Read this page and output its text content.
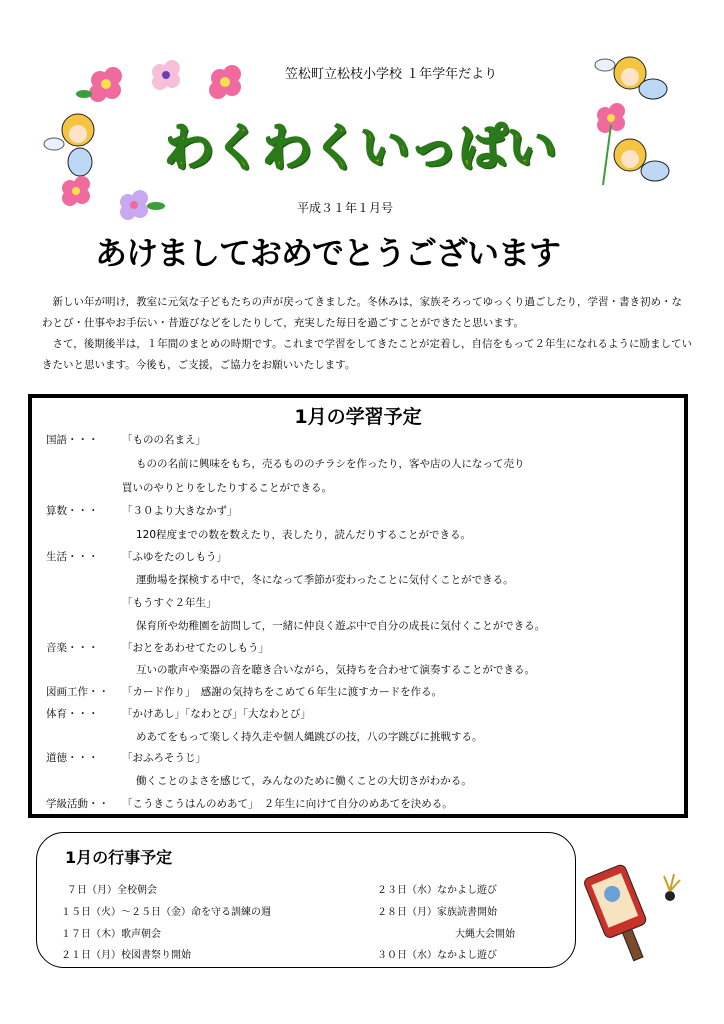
笠松町立松枝小学校 １年学年だより
わくわくいっぱい
平成３１年１月号
あけましておめでとうございます

新しい年が明け，教室に元気な子どもたちの声が戻ってきました。冬休みは，家族そろってゆっくり過ごしたり，学習・書き初め・なわとび・仕事やお手伝い・昔遊びなどをしたりして，充実した毎日を過ごすことができたと思います。

さて，後期後半は，１年間のまとめの時期です。これまで学習をしてきたことが定着し，自信をもって２年生になれるように励ましていきたいと思います。今後も，ご支援，ご協力をお願いいたします。

1月の学習予定
国語・・・ 「ものの名まえ」
ものの名前に興味をもち，売るもののチラシを作ったり，客や店の人になって売り
買いのやりとりをしたりすることができる。
算数・・・ 「３０より大きなかず」
120程度までの数を数えたり，表したり，読んだりすることができる。
生活・・・ 「ふゆをたのしもう」
運動場を探検する中で，冬になって季節が変わったことに気付くことができる。
「もうすぐ２年生」
保育所や幼稚園を訪問して，一緒に仲良く遊ぶ中で自分の成長に気付くことができる。
音楽・・・ 「おとをあわせてたのしもう」
互いの歌声や楽器の音を聴き合いながら，気持ちを合わせて演奏することができる。
図画工作・・ 「カード作り」　感謝の気持ちをこめて６年生に渡すカードを作る。
体育・・・ 「かけあし」「なわとび」「大なわとび」
めあてをもって楽しく持久走や個人縄跳びの技，八の字跳びに挑戦する。
道徳・・・ 「おふろそうじ」
働くことのよさを感じて，みんなのために働くことの大切さがわかる。
学級活動・・ 「こうきこうはんのめあて」　２年生に向けて自分のめあてを決める。
1月の行事予定
７日（月）全校朝会
１５日（火）～２５日（金）命を守る訓練の週
１７日（木）歌声朝会
２１日（月）校図書祭り開始
２３日（水）なかよし遊び
２８日（月）家族読書開始
大縄大会開始
３０日（水）なかよし遊び
